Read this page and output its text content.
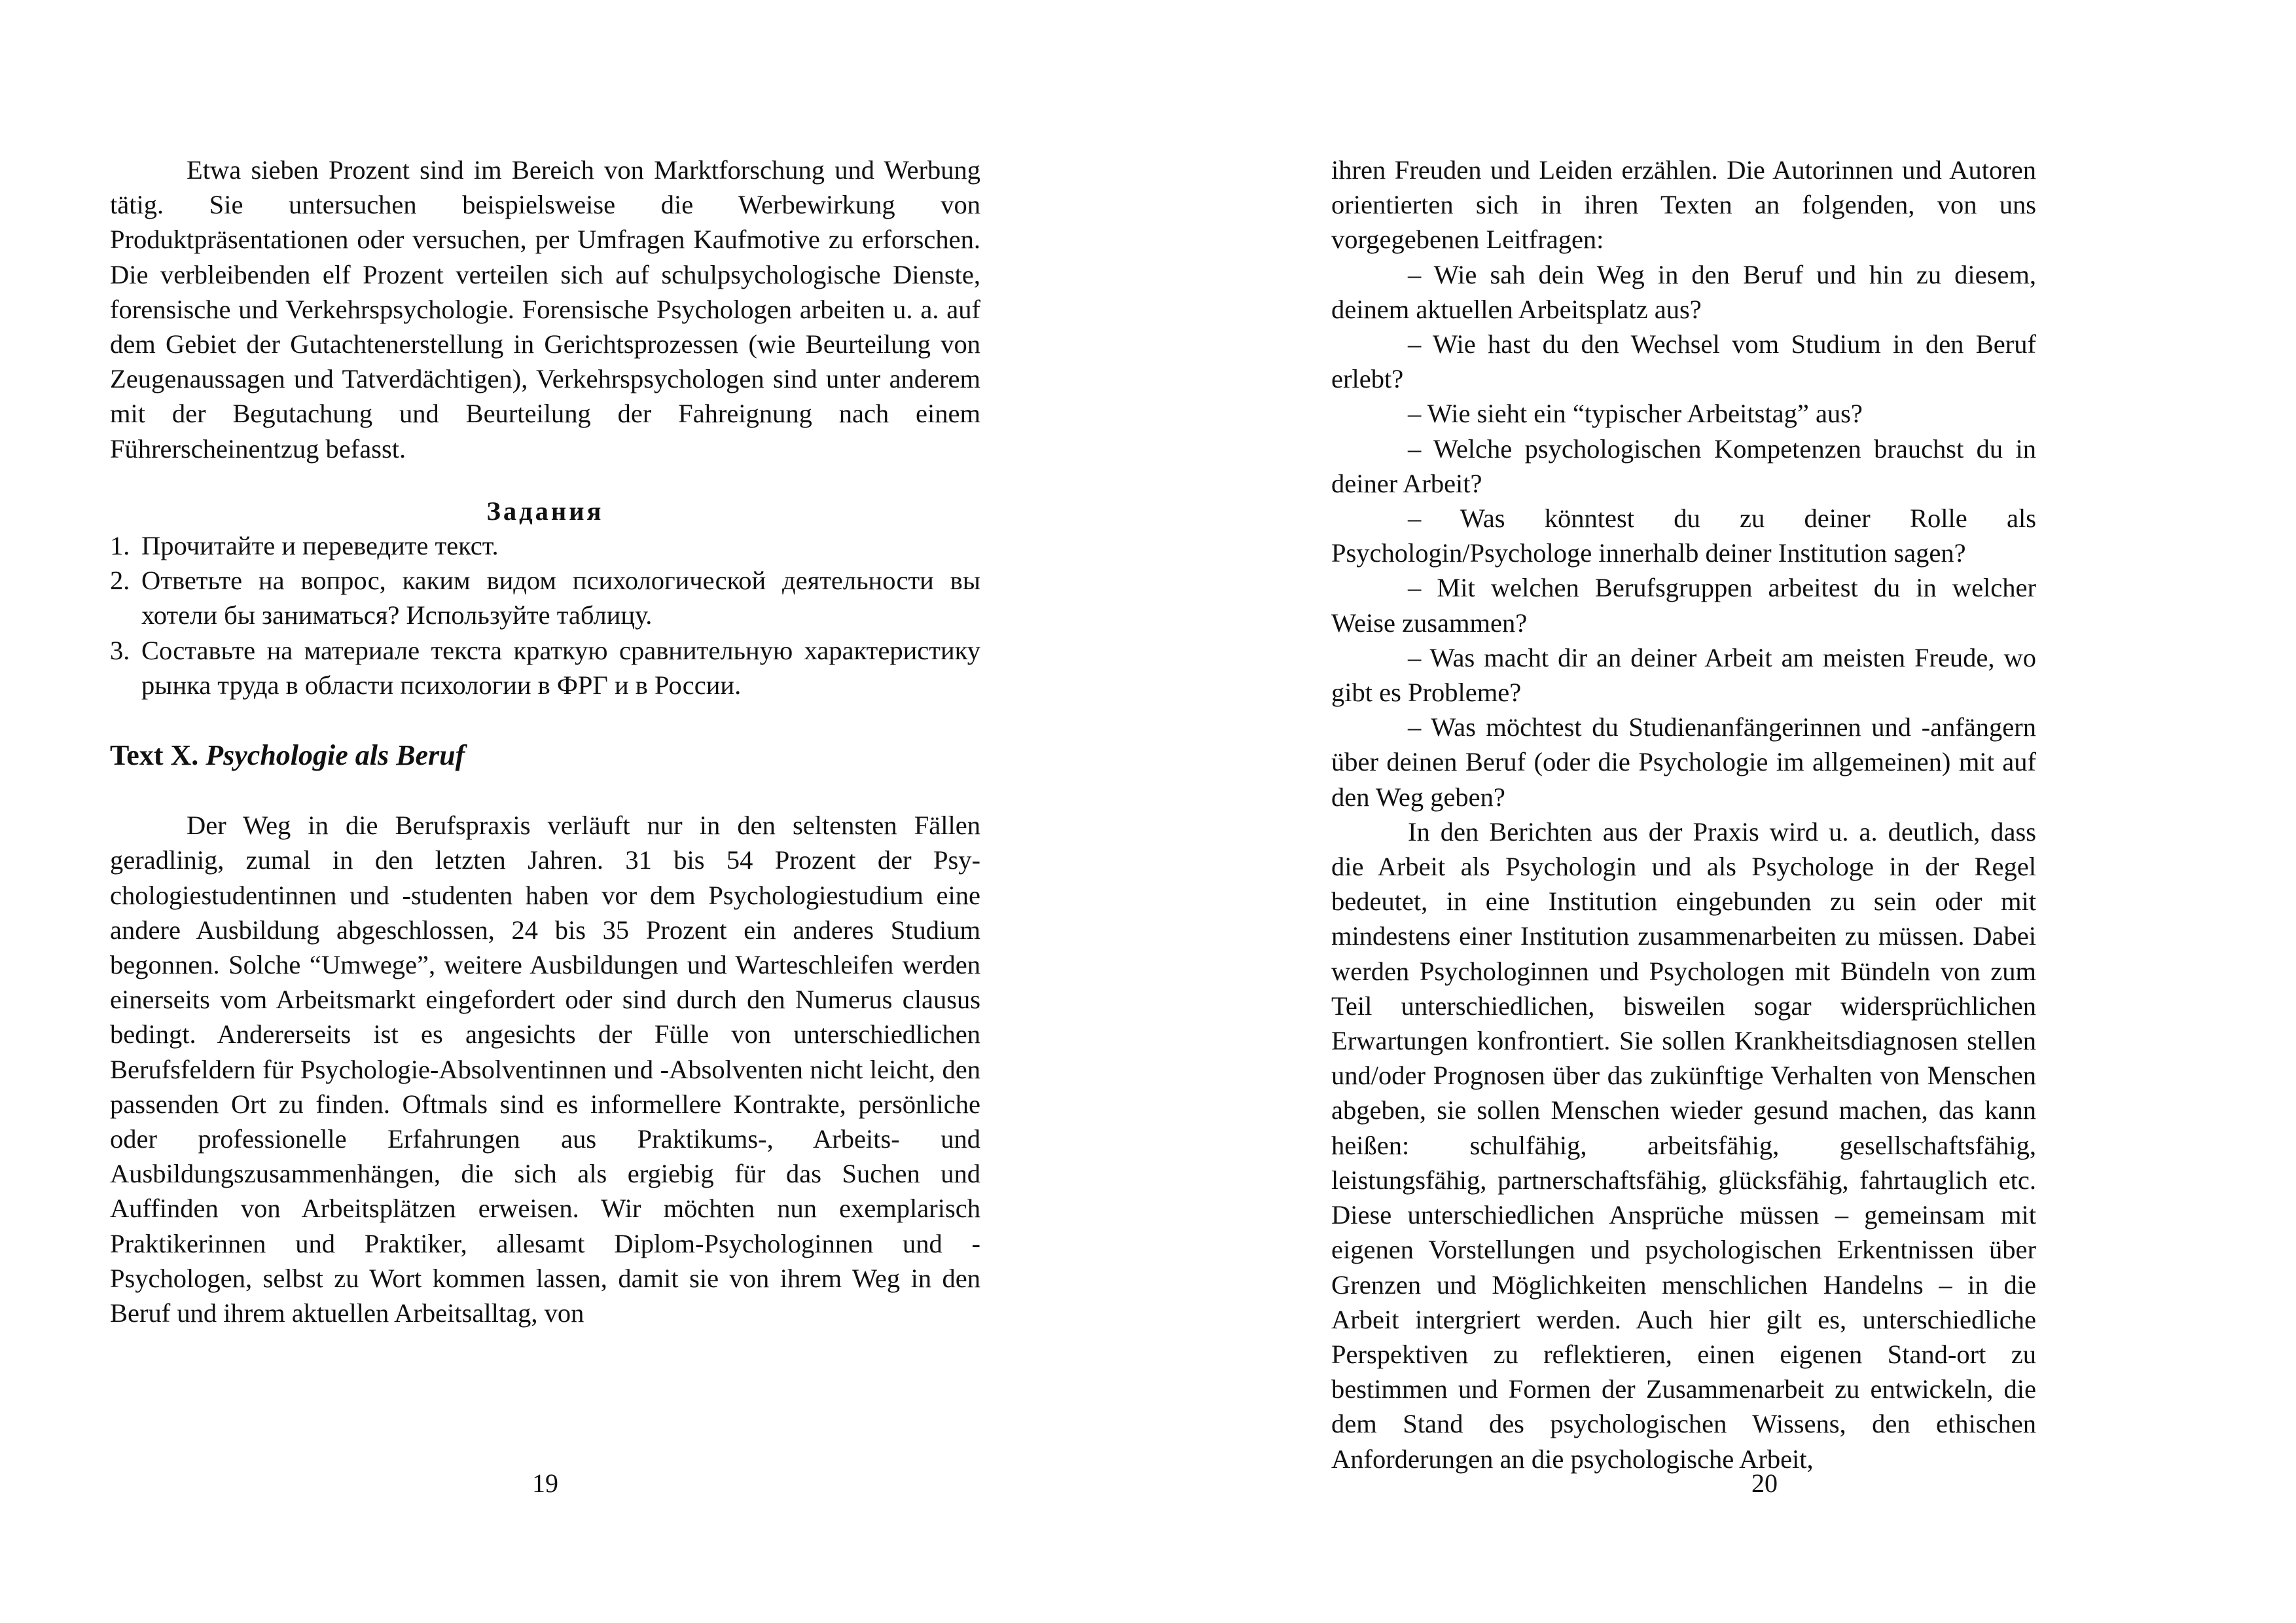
Etwa sieben Prozent sind im Bereich von Marktforschung und Werbung tätig. Sie untersuchen beispielsweise die Werbewirkung von Produktpräsentationen oder versuchen, per Umfragen Kaufmotive zu erforschen. Die verbleibenden elf Prozent verteilen sich auf schulpsychologische Dienste, forensische und Verkehrspsychologie. Forensische Psychologen arbeiten u. a. auf dem Gebiet der Gutachtenerstellung in Gerichtsprozessen (wie Beurteilung von Zeugenaussagen und Tatverdächtigen), Verkehrspsychologen sind unter anderem mit der Begutachung und Beurteilung der Fahreignung nach einem Führerscheinentzug befasst.

Задания

1. Прочитайте и переведите текст.
2. Ответьте на вопрос, каким видом психологической деятельности вы хотели бы заниматься? Используйте таблицу.
3. Составьте на материале текста краткую сравнительную характеристику рынка труда в области психологии в ФРГ и в России.

Text X. Psychologie als Beruf

Der Weg in die Berufspraxis verläuft nur in den seltensten Fällen geradlinig, zumal in den letzten Jahren. 31 bis 54 Prozent der Psychologiestudentinnen und -studenten haben vor dem Psychologiestudium eine andere Ausbildung abgeschlossen, 24 bis 35 Prozent ein anderes Studium begonnen. Solche “Umwege”, weitere Ausbildungen und Warteschleifen werden einerseits vom Arbeitsmarkt eingefordert oder sind durch den Numerus clausus bedingt. Andererseits ist es angesichts der Fülle von unterschiedlichen Berufsfeldern für Psychologie-Absolventinnen und -Absolventen nicht leicht, den passenden Ort zu finden. Oftmals sind es informellere Kontrakte, persönliche oder professionelle Erfahrungen aus Praktikums-, Arbeits- und Ausbildungszusammenhängen, die sich als ergiebig für das Suchen und Auffinden von Arbeitsplätzen erweisen. Wir möchten nun exemplarisch Praktikerinnen und Praktiker, allesamt Diplom-Psychologinnen und -Psychologen, selbst zu Wort kommen lassen, damit sie von ihrem Weg in den Beruf und ihrem aktuellen Arbeitsalltag, von

19

ihren Freuden und Leiden erzählen. Die Autorinnen und Autoren orientierten sich in ihren Texten an folgenden, von uns vorgegebenen Leitfragen:

– Wie sah dein Weg in den Beruf und hin zu diesem, deinem aktuellen Arbeitsplatz aus?

– Wie hast du den Wechsel vom Studium in den Beruf erlebt?

– Wie sieht ein “typischer Arbeitstag” aus?

– Welche psychologischen Kompetenzen brauchst du in deiner Arbeit?

– Was könntest du zu deiner Rolle als Psychologin/Psychologe innerhalb deiner Institution sagen?

– Mit welchen Berufsgruppen arbeitest du in welcher Weise zusammen?

– Was macht dir an deiner Arbeit am meisten Freude, wo gibt es Probleme?

– Was möchtest du Studienanfängerinnen und -anfängern über deinen Beruf (oder die Psychologie im allgemeinen) mit auf den Weg geben?

In den Berichten aus der Praxis wird u. a. deutlich, dass die Arbeit als Psychologin und als Psychologe in der Regel bedeutet, in eine Institution eingebunden zu sein oder mit mindestens einer Institution zusammenarbeiten zu müssen. Dabei werden Psychologinnen und Psychologen mit Bündeln von zum Teil unterschiedlichen, bisweilen sogar widersprüchlichen Erwartungen konfrontiert. Sie sollen Krankheitsdiagnosen stellen und/oder Prognosen über das zukünftige Verhalten von Menschen abgeben, sie sollen Menschen wieder gesund machen, das kann heißen: schulfähig, arbeitsfähig, gesellschaftsfähig, leistungsfähig, partnerschaftsfähig, glücksfähig, fahrtauglich etc. Diese unterschiedlichen Ansprüche müssen – gemeinsam mit eigenen Vorstellungen und psychologischen Erkentnissen über Grenzen und Möglichkeiten menschlichen Handelns – in die Arbeit intergriert werden. Auch hier gilt es, unterschiedliche Perspektiven zu reflektieren, einen eigenen Stand-ort zu bestimmen und Formen der Zusammenarbeit zu entwickeln, die dem Stand des psychologischen Wissens, den ethischen Anforderungen an die psychologische Arbeit,

20
